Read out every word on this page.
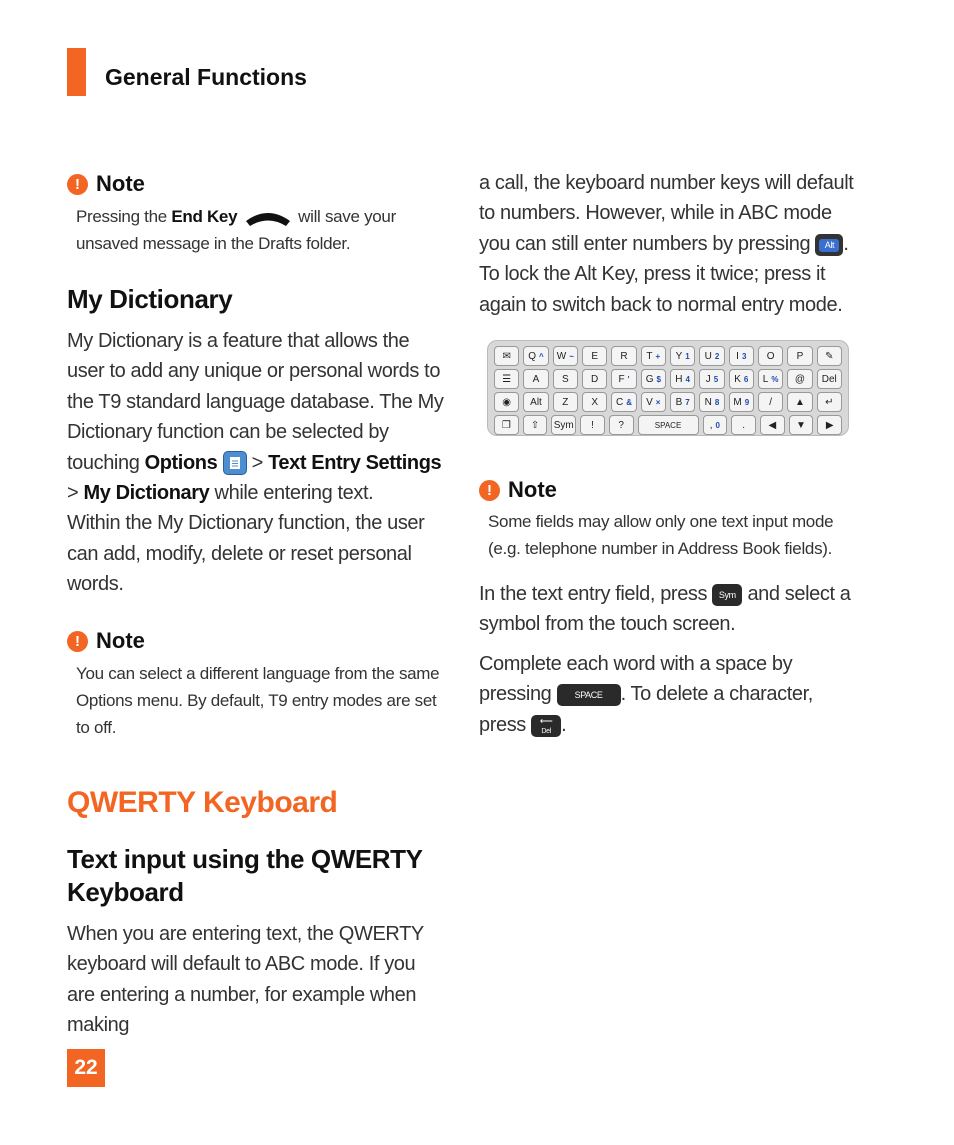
General Functions
! Note
Pressing the End Key	will save your unsaved message in the Drafts folder.
My Dictionary
My Dictionary is a feature that allows the user to add any unique or personal words to the T9 standard language database. The My Dictionary function can be selected by touching Options  > Text Entry Settings
> My Dictionary while entering text.
Within the My Dictionary function, the user can add, modify, delete or reset personal words.
! Note
You can select a different language from the same Options menu. By default, T9 entry modes are set to off.
QWERTY Keyboard
Text input using the QWERTY Keyboard
When you are entering text, the QWERTY keyboard will default to ABC mode. If you are entering a number, for example when making
a call, the keyboard number keys will default to numbers. However, while in ABC mode you can still enter numbers by pressing Alt . To lock the Alt Key, press it twice; press it again to switch back to normal entry mode.
✉ Q ^ W ~ E R T + Y 1 U 2 I 3 O P ✎
☰ A S D F ' G $ H 4 J 5 K 6 L % @ Del
◉ Alt Z X C & V × B 7 N 8 M 9 / ▲ ↵
❐ ⇧ Sym ! ?	SPACE	, 0 . ◀ ▼ ▶
! Note
Some fields may allow only one text input mode (e.g. telephone number in Address Book fields).
In the text entry field, press Sym and select a symbol from the touch screen.
Complete each word with a space by pressing SPACE . To delete a character, press ⟵
Del .
22
